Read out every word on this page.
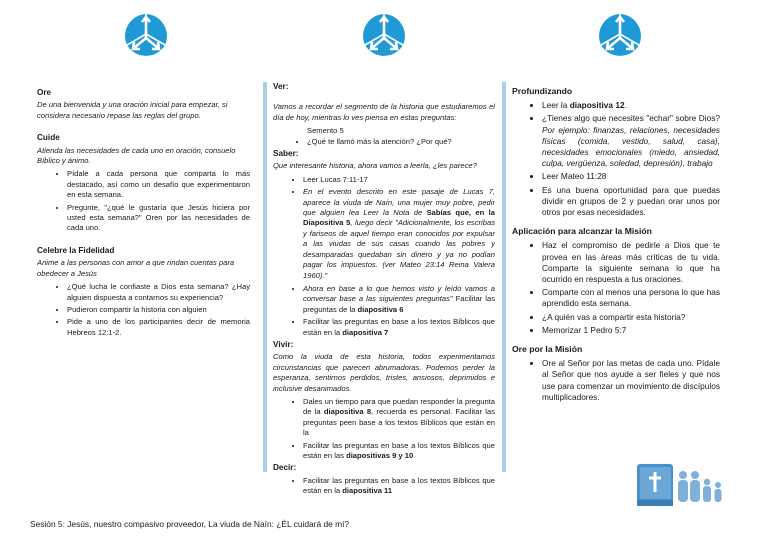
Ore

De una bienvenida y una oración inicial para empezar, si considera necesario repase las reglas del grupo.

Cuide

Atienda las necesidades de cada uno en oración, consuelo Bíblico y ánimo.

• Pídale a cada persona que comparta lo más destacado, así como un desafío que experimentaron en esta semana.
• Pregunte, "¿qué le gustaría que Jesús hiciera por usted esta semana?" Oren por las necesidades de cada uno.
Celebre la Fidelidad

Anime a las personas con amor a que rindan cuentas para obedecer a Jesús

• ¿Qué lucha le confiaste a Dios esta semana? ¿Hay alguien dispuesta a contarnos su experiencia?
• Pudieron compartir la historia con alguien
• Pide a uno de los participantes decir de memoria Hebreos 12:1-2.
Ver:

Vamos a recordar el segmento de la historia que estudiaremos el día de hoy, mientras lo ves piensa en estas preguntas:

Semento 5
• ¿Qué te llamó más la atención? ¿Por qué?
Saber:

Que interesante historia, ahora vamos a leerla, ¿les parece?

• Leer Lucas 7:11-17
• En el evento descrito en este pasaje de Lucas 7, aparece la viuda de Naín, una mujer muy pobre, pedir que alguien lea Leer la Nota de Sabías que, en la Diapositiva 5, luego decir "Adicionalmente, los escribas y fariseos de aquel tiempo eran conocidos por expulsar a las viudas de sus casas cuando las pobres y desamparadas quedaban sin dinero y ya no podían pagar los impuestos. (ver Mateo 23:14 Reina Valera 1960)."
• Ahora en base a lo que hemos visto y leído vamos a conversar base a las siguientes preguntas" Facilitar las preguntas de la diapositiva 6
• Facilitar las preguntas en base a los textos Bíblicos que están en la diapositiva 7
Vivir:

Como la viuda de esta historia, todos experimentamos circunstancias que parecen abrumadoras. Podemos perder la esperanza, sentirnos perdidos, tristes, ansiosos, deprimidos e inclusive desanimados.

• Dales un tiempo para que puedan responder la pregunta de la diapositiva 8, recuerda es personal. Facilitar las preguntas peen base a los textos Bíblicos que están en la
• Facilitar las preguntas en base a los textos Bíblicos que están en las diapositivas 9 y 10
Decir:
• Facilitar las preguntas en base a los textos Bíblicos que están en la diapositiva 11
Profundizando
• Leer la diapositiva 12.
• ¿Tienes algo que necesites "echar" sobre Dios? Por ejemplo: finanzas, relaciones, necesidades físicas (comida, vestido, salud, casa), necesidades emocionales (miedo, ansiedad, culpa, vergüenza, soledad, depresión), trabajo
• Leer Mateo 11:28
• Es una buena oportunidad para que puedas dividir en grupos de 2 y puedan orar unos por otros por esas necesidades.
Aplicación para alcanzar la Misión
• Haz el compromiso de pedirle a Dios que te provea en las áreas más críticas de tu vida. Comparte la siguiente semana lo que ha ocurrido en respuesta a tus oraciones.
• Comparte con al menos una persona lo que has aprendido esta semana.
• ¿A quién vas a compartir esta historia?
• Memorizar 1 Pedro 5:7
Ore por la Misión
• Ore al Señor por las metas de cada uno. Pídale al Señor que nos ayude a ser fieles y que nos use para comenzar un movimiento de discípulos multiplicadores.
Sesión 5: Jesús, nuestro compasivo proveedor, La viuda de Naín: ¿ÉL cuidará de mí?
